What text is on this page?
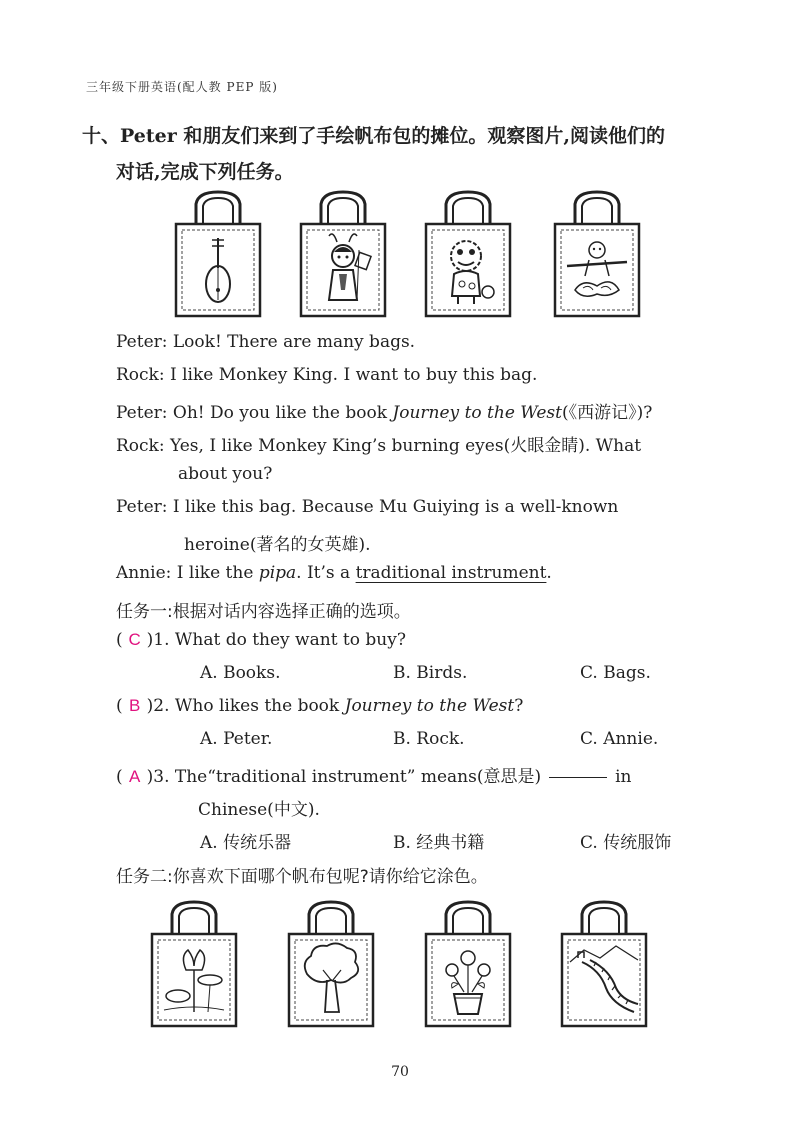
三年级下册英语(配人教 PEP 版)
十、Peter 和朋友们来到了手绘帆布包的摊位。观察图片,阅读他们的
对话,完成下列任务。
Peter: Look! There are many bags.
Rock: I like Monkey King. I want to buy this bag.
Peter: Oh! Do you like the book Journey to the West(《西游记》)?
Rock: Yes, I like Monkey King’s burning eyes(火眼金睛). What
about you?
Peter: I like this bag. Because Mu Guiying is a well-known
heroine(著名的女英雄).
Annie: I like the pipa. It’s a traditional instrument.
任务一:根据对话内容选择正确的选项。
( C )1. What do they want to buy?
A. Books.	B. Birds.	C. Bags.
( B )2. Who likes the book Journey to the West?
A. Peter.	B. Rock.	C. Annie.
( A )3. The“traditional instrument” means(意思是)	in
Chinese(中文).
A. 传统乐器	B. 经典书籍	C. 传统服饰
任务二:你喜欢下面哪个帆布包呢?请你给它涂色。
70
